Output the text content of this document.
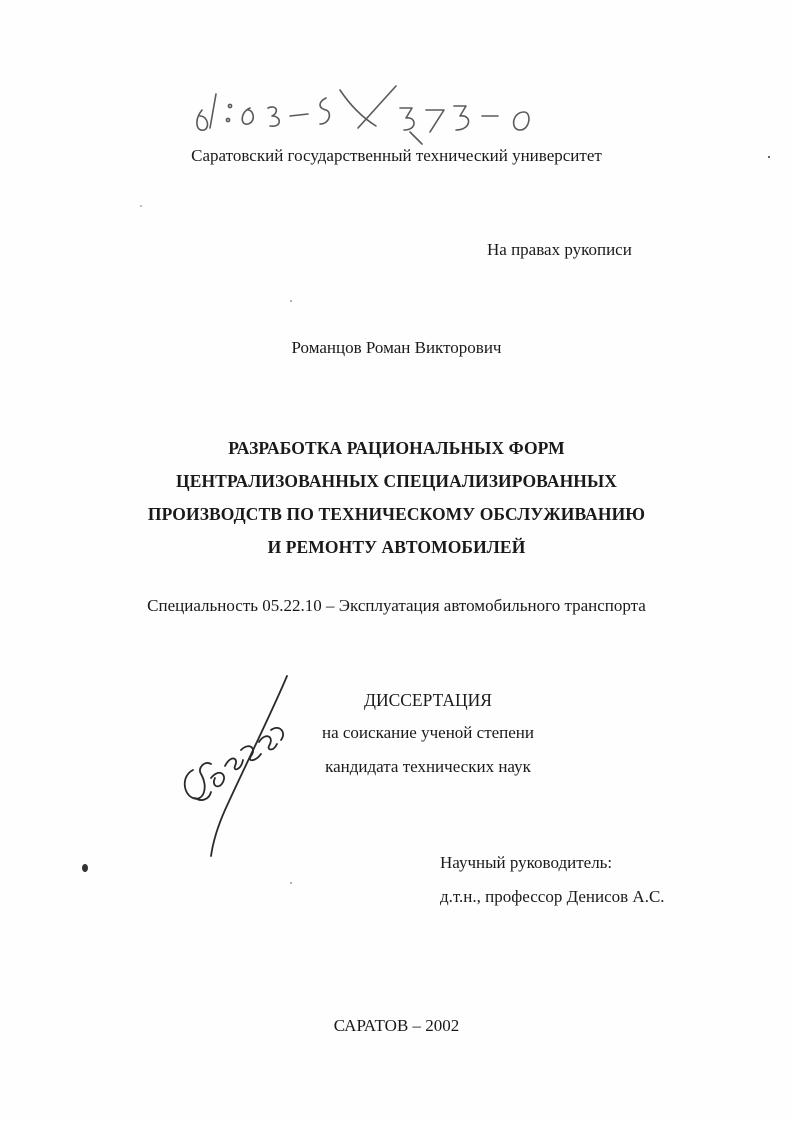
Саратовский государственный технический университет
На правах рукописи
Романцов Роман Викторович
РАЗРАБОТКА РАЦИОНАЛЬНЫХ ФОРМ
ЦЕНТРАЛИЗОВАННЫХ СПЕЦИАЛИЗИРОВАННЫХ
ПРОИЗВОДСТВ ПО ТЕХНИЧЕСКОМУ ОБСЛУЖИВАНИЮ
И РЕМОНТУ АВТОМОБИЛЕЙ
Специальность 05.22.10 – Эксплуатация автомобильного транспорта
ДИССЕРТАЦИЯ
на соискание ученой степени
кандидата технических наук
Научный руководитель:
д.т.н., профессор Денисов А.С.
САРАТОВ – 2002
